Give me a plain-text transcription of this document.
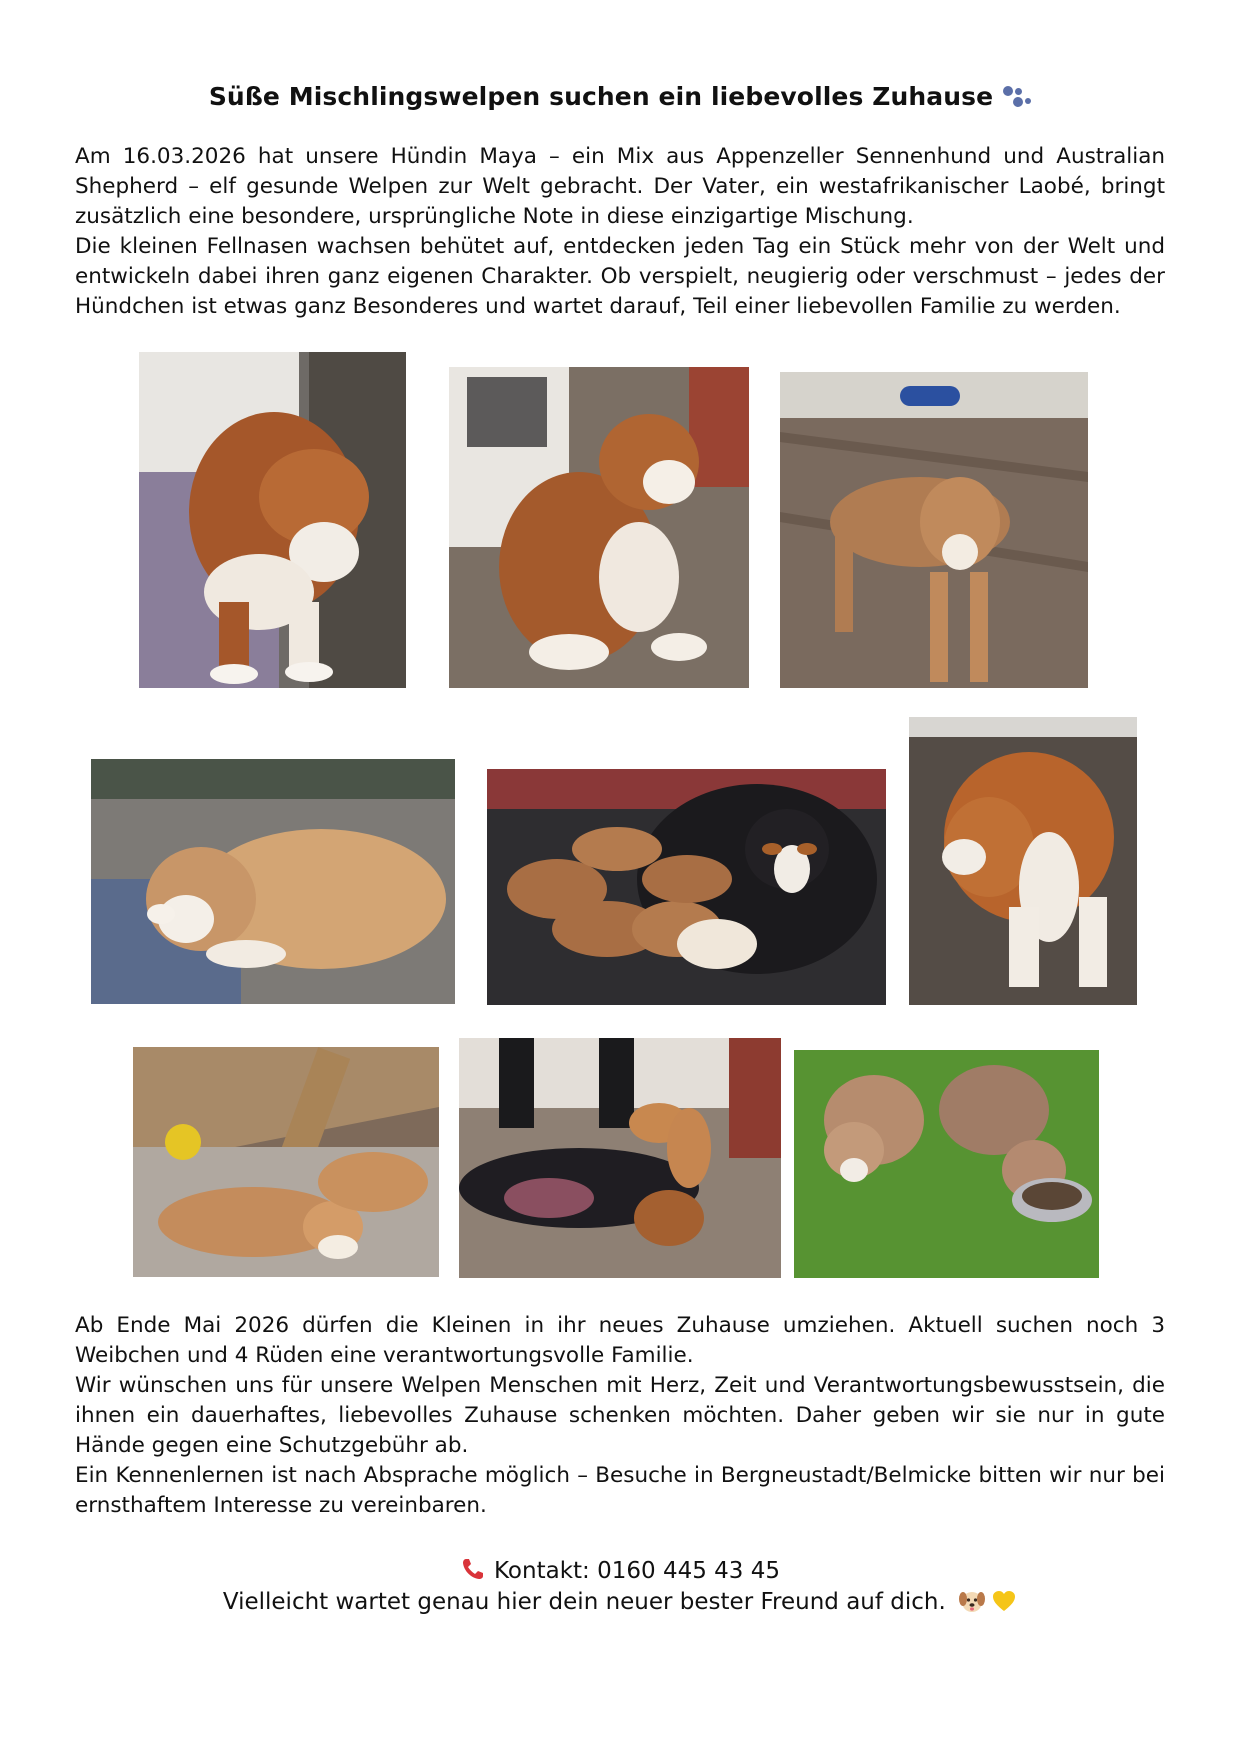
Süße Mischlingswelpen suchen ein liebevolles Zuhause

Am 16.03.2026 hat unsere Hündin Maya – ein Mix aus Appenzeller Sennenhund und Australian Shepherd – elf gesunde Welpen zur Welt gebracht. Der Vater, ein westafrikanischer Laobé, bringt zusätzlich eine besondere, ursprüngliche Note in diese einzigartige Mischung.

Die kleinen Fellnasen wachsen behütet auf, entdecken jeden Tag ein Stück mehr von der Welt und entwickeln dabei ihren ganz eigenen Charakter. Ob verspielt, neugierig oder verschmust – jedes der Hündchen ist etwas ganz Besonderes und wartet darauf, Teil einer liebevollen Familie zu werden.

Ab Ende Mai 2026 dürfen die Kleinen in ihr neues Zuhause umziehen. Aktuell suchen noch 3 Weibchen und 4 Rüden eine verantwortungsvolle Familie.

Wir wünschen uns für unsere Welpen Menschen mit Herz, Zeit und Verantwortungsbewusstsein, die ihnen ein dauerhaftes, liebevolles Zuhause schenken möchten. Daher geben wir sie nur in gute Hände gegen eine Schutzgebühr ab.

Ein Kennenlernen ist nach Absprache möglich – Besuche in Bergneustadt/Belmicke bitten wir nur bei ernsthaftem Interesse zu vereinbaren.

Kontakt: 0160 445 43 45
Vielleicht wartet genau hier dein neuer bester Freund auf dich.
